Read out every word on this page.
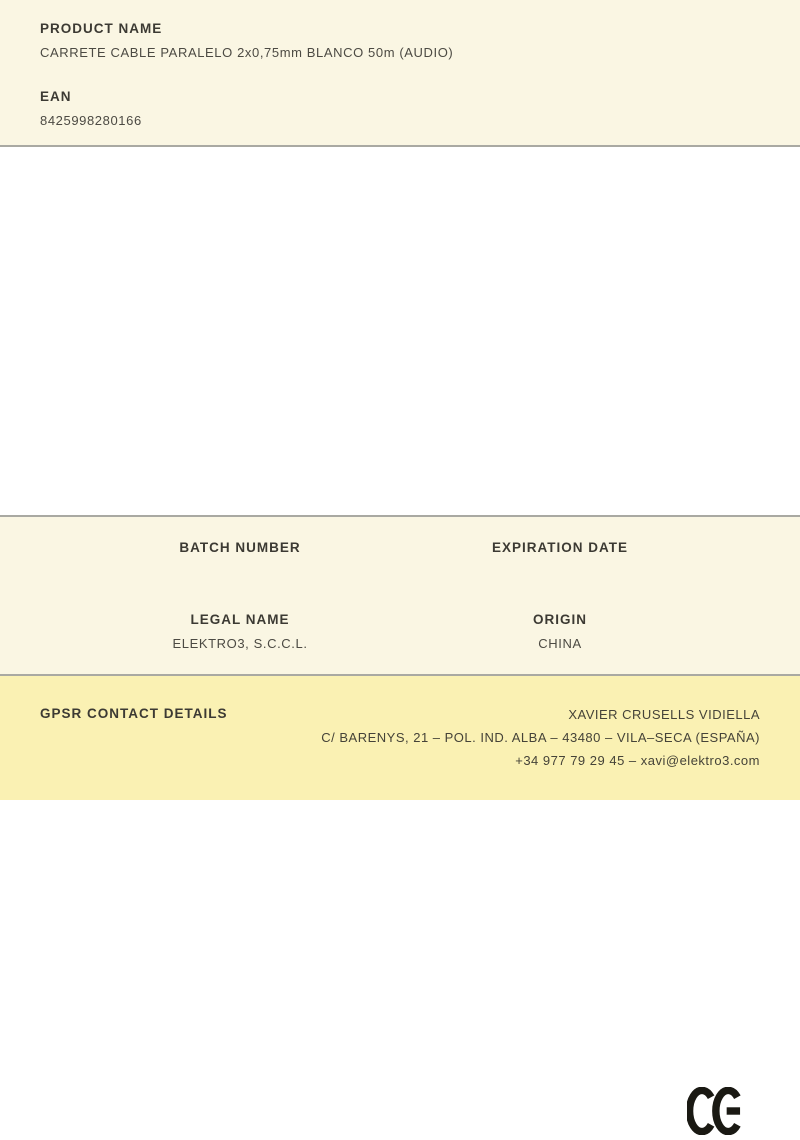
PRODUCT NAME
CARRETE CABLE PARALELO 2x0,75mm BLANCO 50m (AUDIO)
EAN
8425998280166
BATCH NUMBER	EXPIRATION DATE
LEGAL NAME
ELEKTRO3, S.C.C.L.
ORIGIN
CHINA
GPSR CONTACT DETAILS	XAVIER CRUSELLS VIDIELLA
C/ BARENYS, 21 – POL. IND. ALBA – 43480 – VILA–SECA (ESPAÑA)
+34 977 79 29 45 – xavi@elektro3.com
